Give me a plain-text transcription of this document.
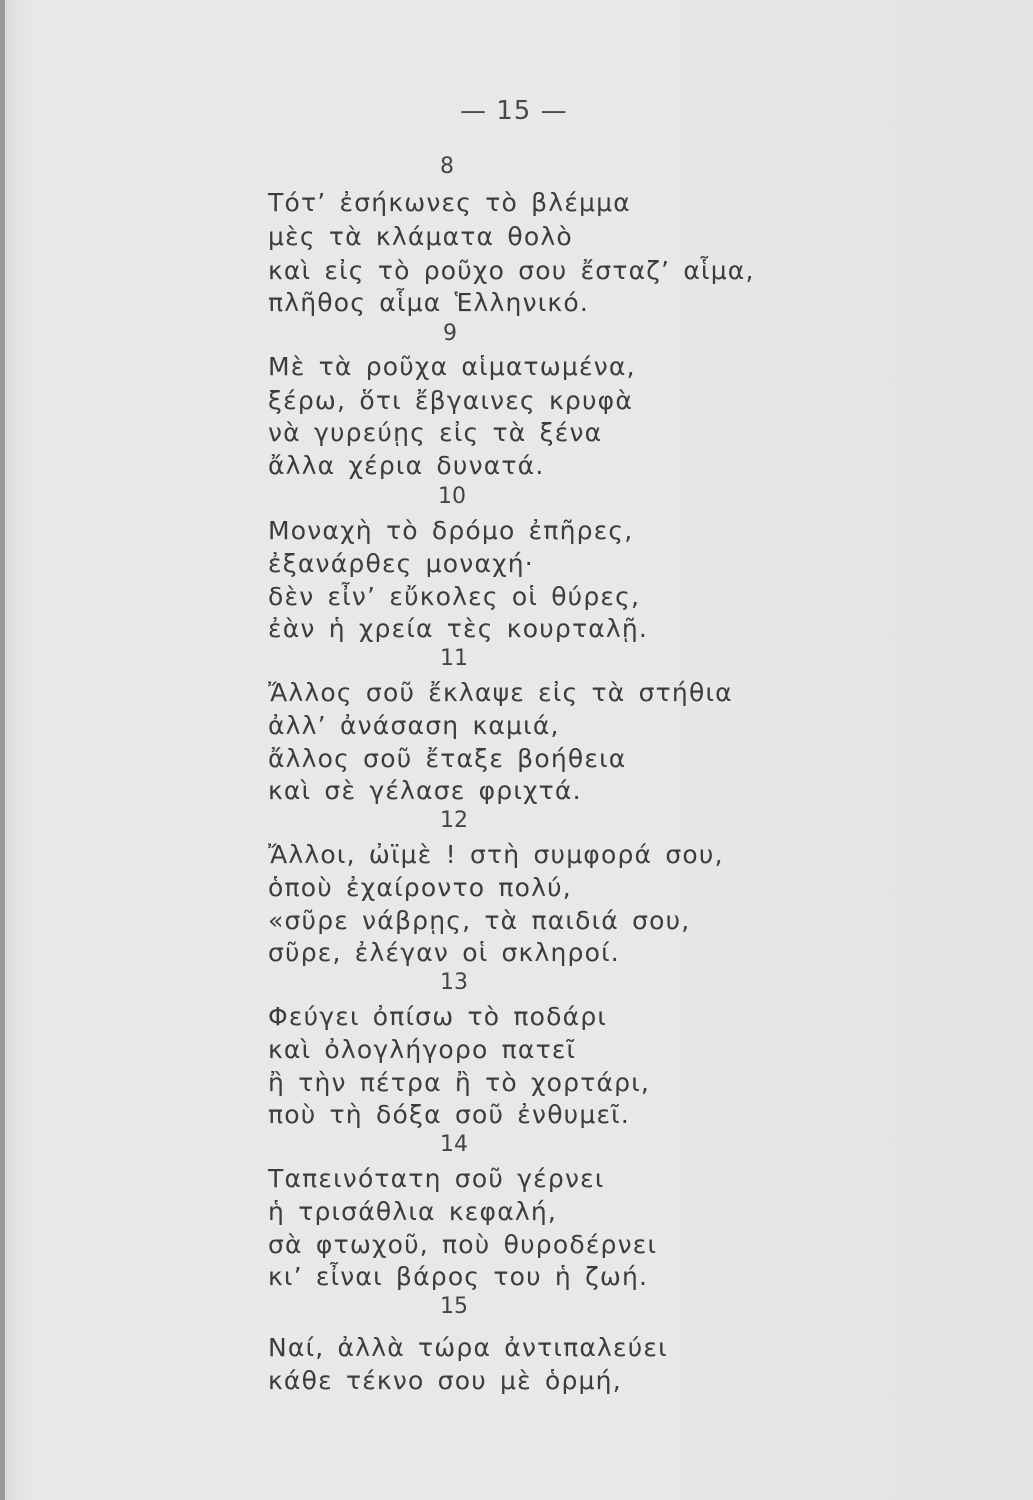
— 15 —
8
Τότ’ ἐσήκωνες τὸ βλέμμα
μὲς τὰ κλάματα θολὸ
καὶ εἰς τὸ ροῦχο σου ἔσταζ’ αἷμα,
πλῆθος αἷμα Ἑλληνικό.
9
Μὲ τὰ ροῦχα αἱματωμένα,
ξέρω, ὅτι ἔβγαινες κρυφὰ
νὰ γυρεύῃς εἰς τὰ ξένα
ἄλλα χέρια δυνατά.
10
Μοναχὴ τὸ δρόμο ἐπῆρες,
ἐξανάρθες μοναχή·
δὲν εἶν’ εὔκολες οἱ θύρες,
ἐὰν ἡ χρεία τὲς κουρταλῇ.
11
Ἄλλος σοῦ ἔκλαψε εἰς τὰ στήθια
ἀλλ’ ἀνάσαση καμιά,
ἄλλος σοῦ ἔταξε βοήθεια
καὶ σὲ γέλασε φριχτά.
12
Ἄλλοι, ὠϊμὲ ! στὴ συμφορά σου,
ὁποὺ ἐχαίροντο πολύ,
«σῦρε νάβρῃς, τὰ παιδιά σου,
σῦρε, ἐλέγαν οἱ σκληροί.
13
Φεύγει ὀπίσω τὸ ποδάρι
καὶ ὀλογλήγορο πατεῖ
ἢ τὴν πέτρα ἢ τὸ χορτάρι,
ποὺ τὴ δόξα σοῦ ἐνθυμεῖ.
14
Ταπεινότατη σοῦ γέρνει
ἡ τρισάθλια κεφαλή,
σὰ φτωχοῦ, ποὺ θυροδέρνει
κι’ εἶναι βάρος του ἡ ζωή.
15
Ναί, ἀλλὰ τώρα ἀντιπαλεύει
κάθε τέκνο σου μὲ ὁρμή,
